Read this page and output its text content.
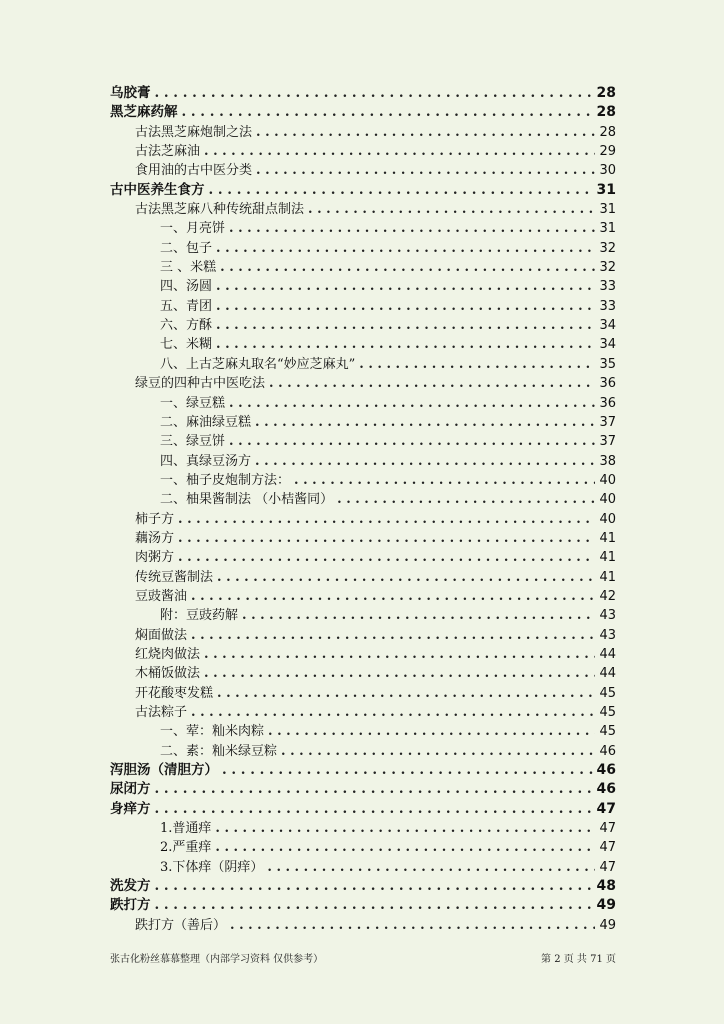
乌胶膏 . . .	28
黑芝麻药解 . . .	28
古法黑芝麻炮制之法 . . .	28
古法芝麻油 . . .	29
食用油的古中医分类 . . .	30
古中医养生食方 . . .	31
古法黑芝麻八种传统甜点制法 . . .	31
一、月亮饼 . . .	31
二、包子 . . .	32
三 、米糕 . . .	32
四、汤圆 . . .	33
五、青团 . . .	33
六、方酥 . . .	34
七、米糊 . . .	34
八、上古芝麻丸取名“妙应芝麻丸” . . .	35
绿豆的四种古中医吃法 . . .	36
一、绿豆糕 . . .	36
二、麻油绿豆糕 . . .	37
三、绿豆饼 . . .	37
四、真绿豆汤方 . . .	38
一、柚子皮炮制方法： . . .	40
二、柚果酱制法 （小桔酱同） . . .	40
柿子方 . . .	40
藕汤方 . . .	41
肉粥方 . . .	41
传统豆酱制法 . . .	41
豆豉酱油 . . .	42
附：豆豉药解 . . .	43
焖面做法 . . .	43
红烧肉做法 . . .	44
木桶饭做法 . . .	44
开花酸枣发糕 . . .	45
古法粽子 . . .	45
一、荤：籼米肉粽 . . .	45
二、素：籼米绿豆粽 . . .	46
泻胆汤（清胆方） . . .	46
尿闭方 . . .	46
身痒方 . . .	47
1.普通痒 . . .	47
2.严重痒 . . .	47
3.下体痒（阴痒） . . .	47
洗发方 . . .	48
跌打方 . . .	49
跌打方（善后） . . .	49
张古化粉丝慕慕整理（内部学习资料 仅供参考）	第 2 页 共 71 页
